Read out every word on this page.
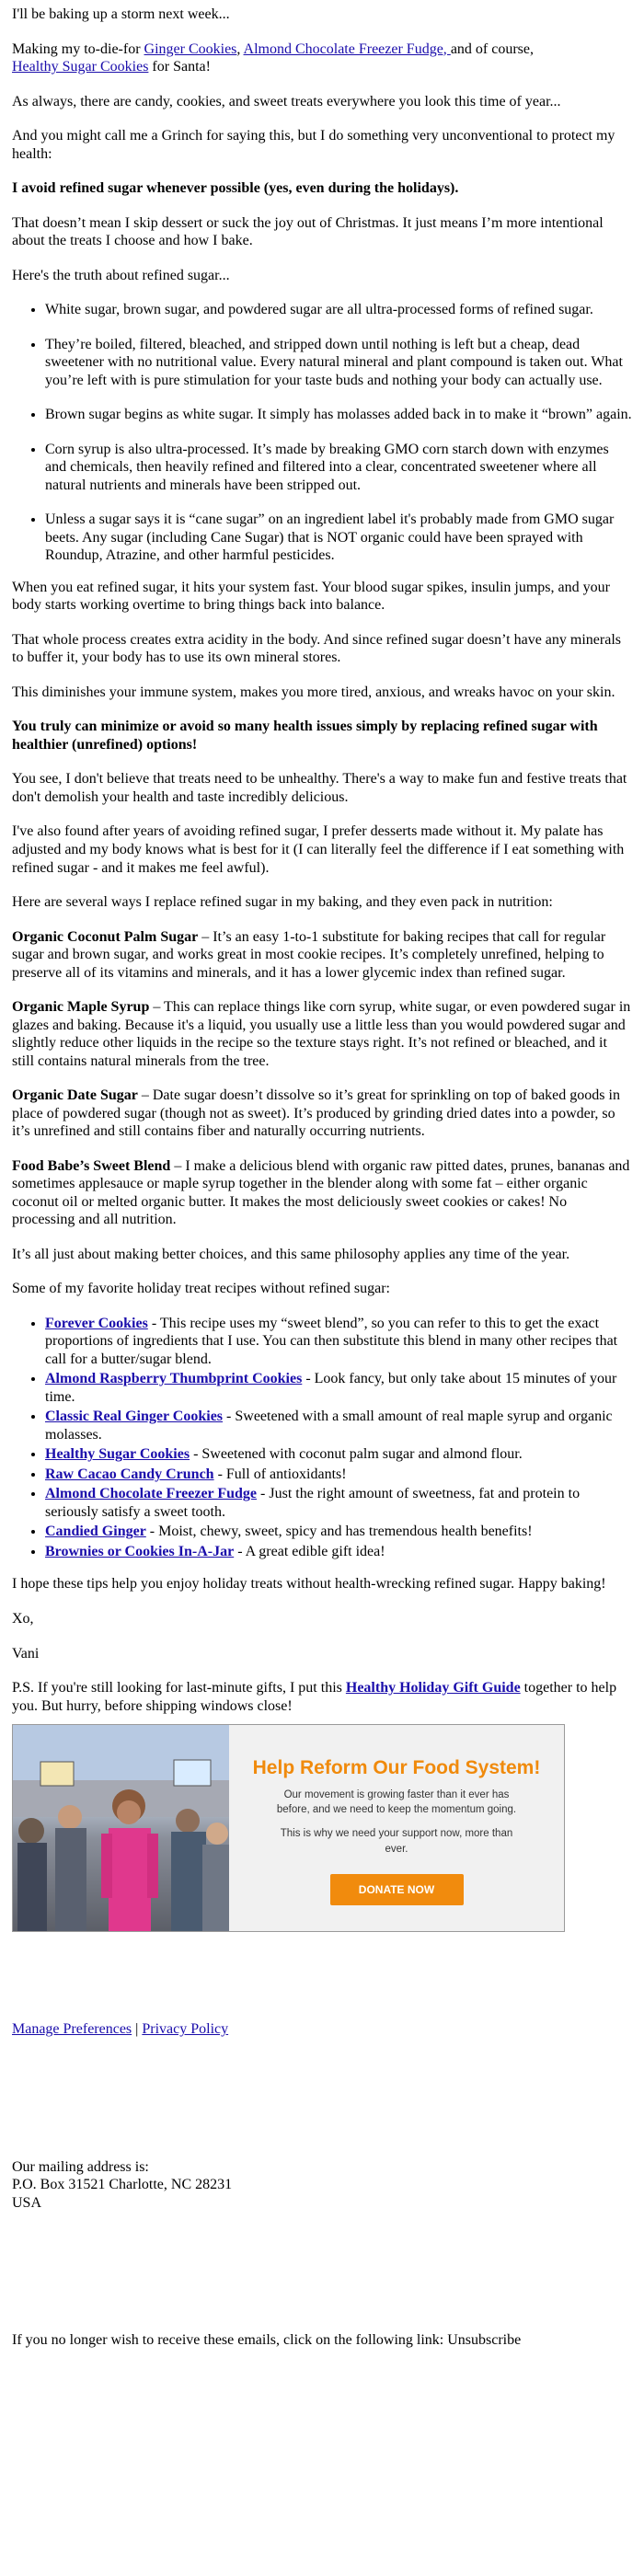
I'll be baking up a storm next week...

Making my to-die-for Ginger Cookies, Almond Chocolate Freezer Fudge, and of course,
Healthy Sugar Cookies for Santa!

As always, there are candy, cookies, and sweet treats everywhere you look this time of year...

And you might call me a Grinch for saying this, but I do something very unconventional to protect my health:

I avoid refined sugar whenever possible (yes, even during the holidays).

That doesn’t mean I skip dessert or suck the joy out of Christmas. It just means I’m more intentional about the treats I choose and how I bake.

Here's the truth about refined sugar...

• White sugar, brown sugar, and powdered sugar are all ultra-processed forms of refined sugar.
• They’re boiled, filtered, bleached, and stripped down until nothing is left but a cheap, dead sweetener with no nutritional value. Every natural mineral and plant compound is taken out. What you’re left with is pure stimulation for your taste buds and nothing your body can actually use.
• Brown sugar begins as white sugar. It simply has molasses added back in to make it “brown” again.
• Corn syrup is also ultra-processed. It’s made by breaking GMO corn starch down with enzymes and chemicals, then heavily refined and filtered into a clear, concentrated sweetener where all natural nutrients and minerals have been stripped out.
• Unless a sugar says it is “cane sugar” on an ingredient label it's probably made from GMO sugar beets. Any sugar (including Cane Sugar) that is NOT organic could have been sprayed with Roundup, Atrazine, and other harmful pesticides.

When you eat refined sugar, it hits your system fast. Your blood sugar spikes, insulin jumps, and your body starts working overtime to bring things back into balance.

That whole process creates extra acidity in the body. And since refined sugar doesn’t have any minerals to buffer it, your body has to use its own mineral stores.

This diminishes your immune system, makes you more tired, anxious, and wreaks havoc on your skin.

You truly can minimize or avoid so many health issues simply by replacing refined sugar with healthier (unrefined) options!

You see, I don't believe that treats need to be unhealthy. There's a way to make fun and festive treats that don't demolish your health and taste incredibly delicious.

I've also found after years of avoiding refined sugar, I prefer desserts made without it. My palate has adjusted and my body knows what is best for it (I can literally feel the difference if I eat something with refined sugar - and it makes me feel awful).

Here are several ways I replace refined sugar in my baking, and they even pack in nutrition:

Organic Coconut Palm Sugar – It’s an easy 1-to-1 substitute for baking recipes that call for regular sugar and brown sugar, and works great in most cookie recipes. It’s completely unrefined, helping to preserve all of its vitamins and minerals, and it has a lower glycemic index than refined sugar.

Organic Maple Syrup – This can replace things like corn syrup, white sugar, or even powdered sugar in glazes and baking. Because it's a liquid, you usually use a little less than you would powdered sugar and slightly reduce other liquids in the recipe so the texture stays right. It’s not refined or bleached, and it still contains natural minerals from the tree.

Organic Date Sugar – Date sugar doesn’t dissolve so it’s great for sprinkling on top of baked goods in place of powdered sugar (though not as sweet). It’s produced by grinding dried dates into a powder, so it’s unrefined and still contains fiber and naturally occurring nutrients.

Food Babe’s Sweet Blend – I make a delicious blend with organic raw pitted dates, prunes, bananas and sometimes applesauce or maple syrup together in the blender along with some fat – either organic coconut oil or melted organic butter. It makes the most deliciously sweet cookies or cakes! No processing and all nutrition.

It’s all just about making better choices, and this same philosophy applies any time of the year.

Some of my favorite holiday treat recipes without refined sugar:

• Forever Cookies - This recipe uses my “sweet blend”, so you can refer to this to get the exact proportions of ingredients that I use. You can then substitute this blend in many other recipes that call for a butter/sugar blend.
• Almond Raspberry Thumbprint Cookies - Look fancy, but only take about 15 minutes of your time.
• Classic Real Ginger Cookies - Sweetened with a small amount of real maple syrup and organic molasses.
• Healthy Sugar Cookies - Sweetened with coconut palm sugar and almond flour.
• Raw Cacao Candy Crunch - Full of antioxidants!
• Almond Chocolate Freezer Fudge - Just the right amount of sweetness, fat and protein to seriously satisfy a sweet tooth.
• Candied Ginger - Moist, chewy, sweet, spicy and has tremendous health benefits!
• Brownies or Cookies In-A-Jar - A great edible gift idea!

I hope these tips help you enjoy holiday treats without health-wrecking refined sugar. Happy baking!

Xo,

Vani

P.S. If you're still looking for last-minute gifts, I put this Healthy Holiday Gift Guide together to help you. But hurry, before shipping windows close!

Help Reform Our Food System!
Our movement is growing faster than it ever has before, and we need to keep the momentum going.
This is why we need your support now, more than ever.
DONATE NOW
Manage Preferences | Privacy Policy
Our mailing address is:
P.O. Box 31521 Charlotte, NC 28231
USA
If you no longer wish to receive these emails, click on the following link: Unsubscribe
